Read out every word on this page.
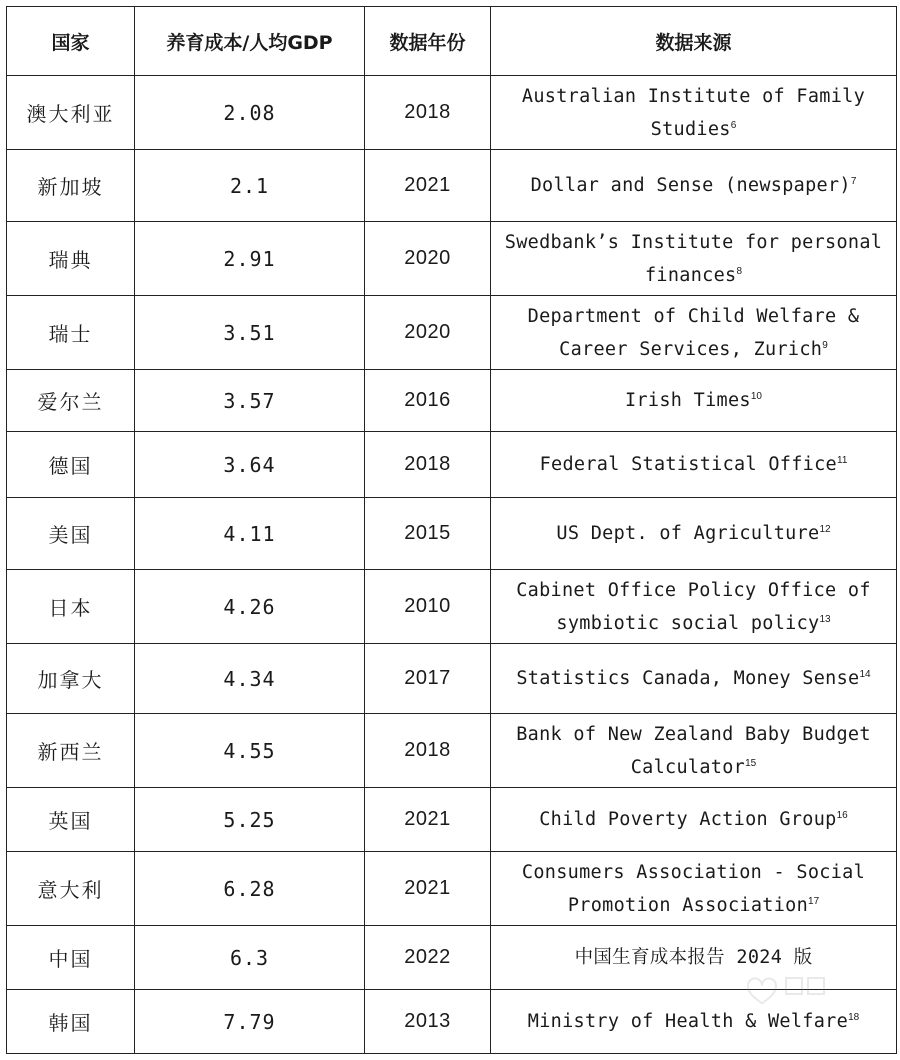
国家	养育成本/人均GDP	数据年份	数据来源
澳大利亚	2.08	2018	Australian Institute of Family
Studies$^6$
新加坡	2.1	2021	Dollar and Sense (newspaper)$^7$
瑞典	2.91	2020	Swedbank’s Institute for personal
finances$^8$
瑞士	3.51	2020	Department of Child Welfare &
Career Services, Zurich$^9$
爱尔兰	3.57	2016	Irish Times$^{10}$
德国	3.64	2018	Federal Statistical Office$^{11}$
美国	4.11	2015	US Dept. of Agriculture$^{12}$
日本	4.26	2010	Cabinet Office Policy Office of
symbiotic social policy$^{13}$
加拿大	4.34	2017	Statistics Canada, Money Sense$^{14}$
新西兰	4.55	2018	Bank of New Zealand Baby Budget
Calculator$^{15}$
英国	5.25	2021	Child Poverty Action Group$^{16}$
意大利	6.28	2021	Consumers Association - Social
Promotion Association$^{17}$
中国	6.3	2022	中国生育成本报告 2024 版
韩国	7.79	2013	Ministry of Health & Welfare$^{18}$
